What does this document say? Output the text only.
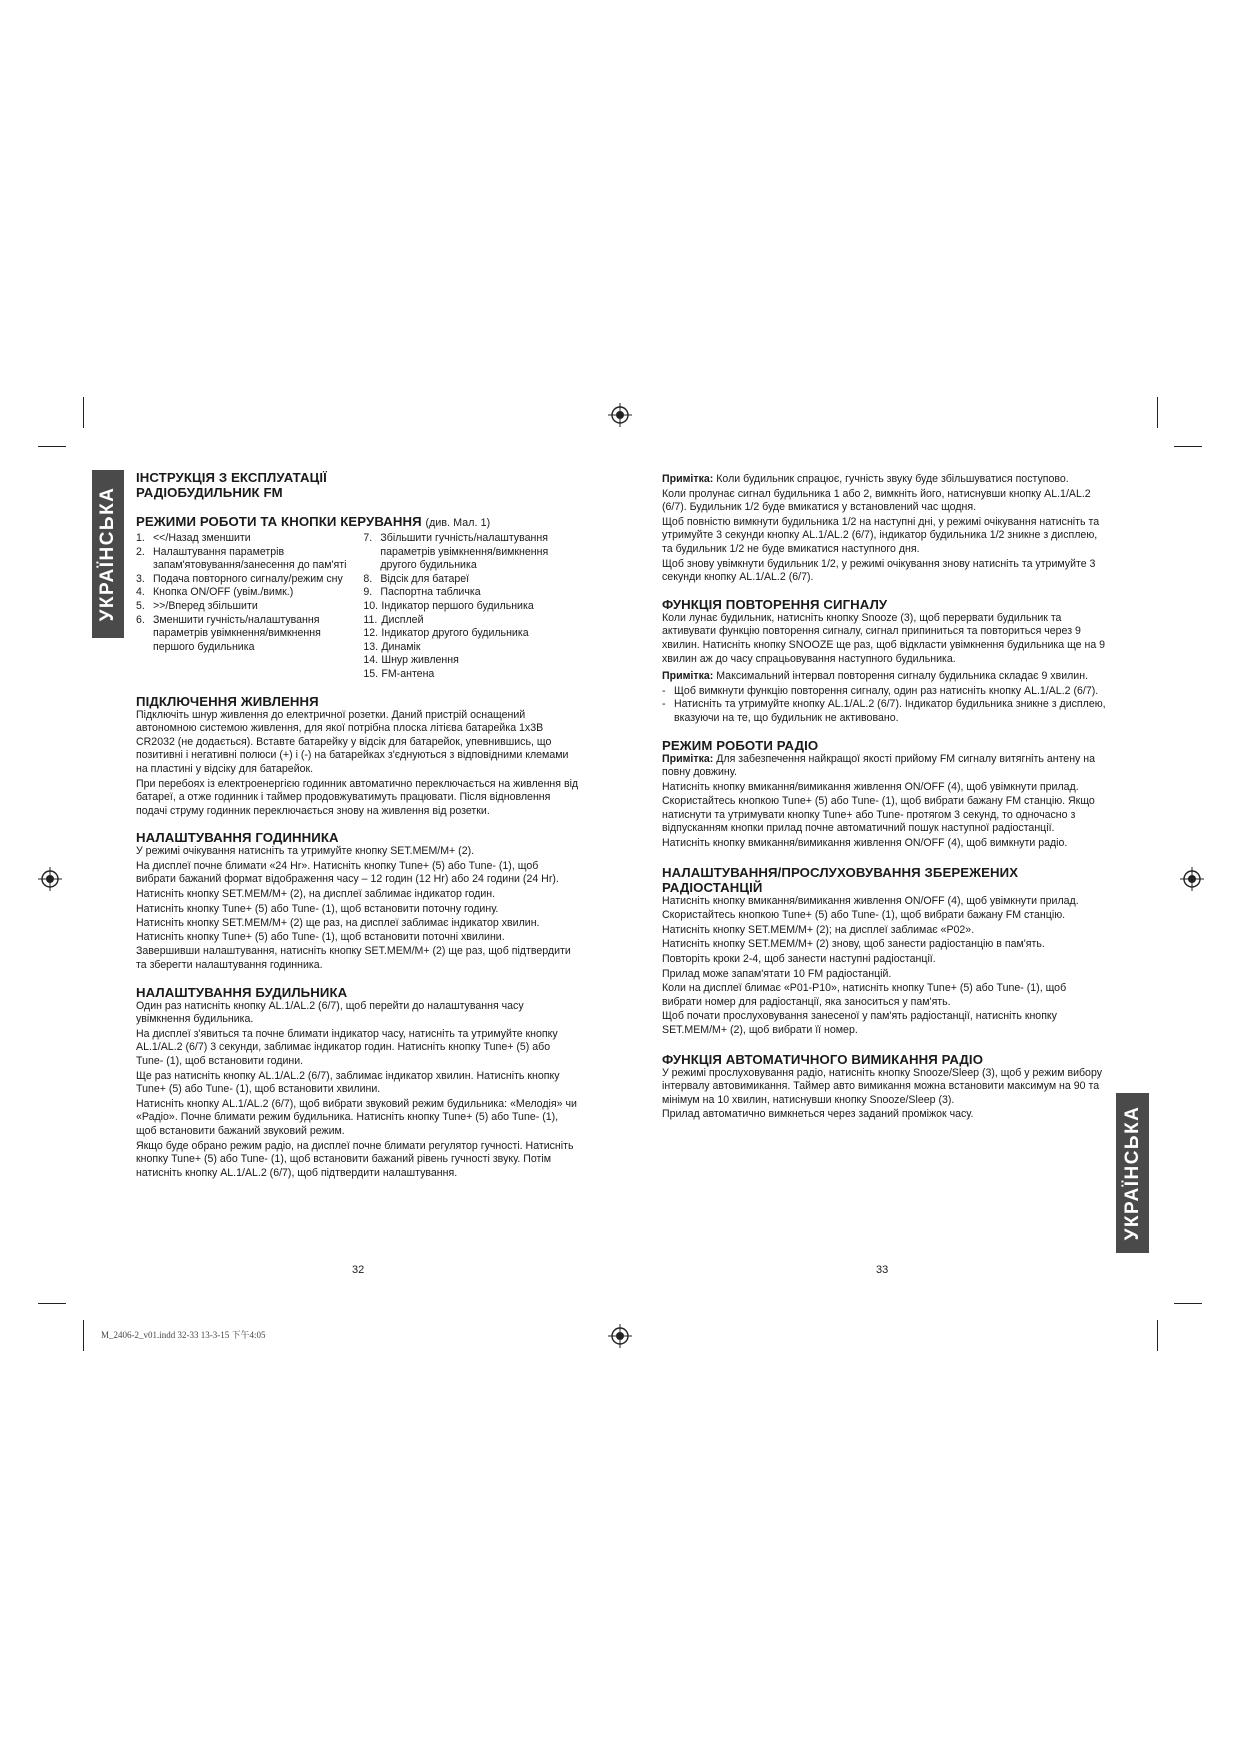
УКРАЇНСЬКА
УКРАЇНСЬКА
ІНСТРУКЦІЯ З ЕКСПЛУАТАЦІЇ
РАДІОБУДИЛЬНИК FM
РЕЖИМИ РОБОТИ ТА КНОПКИ КЕРУВАННЯ (див. Мал. 1)
1. <</Назад зменшити
2. Налаштування параметрів запам'ятовування/занесення до пам'яті
3. Подача повторного сигналу/режим сну
4. Кнопка ON/OFF (увім./вимк.)
5. >>/Вперед збільшити
6. Зменшити гучність/налаштування параметрів увімкнення/вимкнення першого будильника
7. Збільшити гучність/налаштування параметрів увімкнення/вимкнення другого будильника
8. Відсік для батареї
9. Паспортна табличка
10. Індикатор першого будильника
11. Дисплей
12. Індикатор другого будильника
13. Динамік
14. Шнур живлення
15. FM-антена
ПІДКЛЮЧЕННЯ ЖИВЛЕННЯ

Підключіть шнур живлення до електричної розетки. Даний пристрій оснащений автономною системою живлення, для якої потрібна плоска літієва батарейка 1х3В CR2032 (не додається). Вставте батарейку у відсік для батарейок, упевнившись, що позитивні і негативні полюси (+) і (-) на батарейках з'єднуються з відповідними клемами на пластині у відсіку для батарейок.

При перебоях із електроенергією годинник автоматично переключається на живлення від батареї, а отже годинник і таймер продовжуватимуть працювати. Після відновлення подачі струму годинник переключається знову на живлення від розетки.

НАЛАШТУВАННЯ ГОДИННИКА

У режимі очікування натисніть та утримуйте кнопку SET.MEM/M+ (2).

На дисплеї почне блимати «24 Hr». Натисніть кнопку Tune+ (5) або Tune- (1), щоб вибрати бажаний формат відображення часу – 12 годин (12 Hr) або 24 години (24 Hr).

Натисніть кнопку SET.MEM/M+ (2), на дисплеї заблимає індикатор годин.

Натисніть кнопку Tune+ (5) або Tune- (1), щоб встановити поточну годину.

Натисніть кнопку SET.MEM/M+ (2) ще раз, на дисплеї заблимає індикатор хвилин. Натисніть кнопку Tune+ (5) або Tune- (1), щоб встановити поточні хвилини.

Завершивши налаштування, натисніть кнопку SET.MEM/M+ (2) ще раз, щоб підтвердити та зберегти налаштування годинника.

НАЛАШТУВАННЯ БУДИЛЬНИКА

Один раз натисніть кнопку AL.1/AL.2 (6/7), щоб перейти до налаштування часу увімкнення будильника.

На дисплеї з'явиться та почне блимати індикатор часу, натисніть та утримуйте кнопку AL.1/AL.2 (6/7) 3 секунди, заблимає індикатор годин. Натисніть кнопку Tune+ (5) або Tune- (1), щоб встановити години.

Ще раз натисніть кнопку AL.1/AL.2 (6/7), заблимає індикатор хвилин. Натисніть кнопку Tune+ (5) або Tune- (1), щоб встановити хвилини.

Натисніть кнопку AL.1/AL.2 (6/7), щоб вибрати звуковий режим будильника: «Мелодія» чи «Радіо». Почне блимати режим будильника. Натисніть кнопку Tune+ (5) або Tune- (1), щоб встановити бажаний звуковий режим.

Якщо буде обрано режим радіо, на дисплеї почне блимати регулятор гучності. Натисніть кнопку Tune+ (5) або Tune- (1), щоб встановити бажаний рівень гучності звуку. Потім натисніть кнопку AL.1/AL.2 (6/7), щоб підтвердити налаштування.

Примітка: Коли будильник спрацює, гучність звуку буде збільшуватися поступово.

Коли пролунає сигнал будильника 1 або 2, вимкніть його, натиснувши кнопку AL.1/AL.2 (6/7). Будильник 1/2 буде вмикатися у встановлений час щодня.

Щоб повністю вимкнути будильника 1/2 на наступні дні, у режимі очікування натисніть та утримуйте 3 секунди кнопку AL.1/AL.2 (6/7), індикатор будильника 1/2 зникне з дисплею, та будильник 1/2 не буде вмикатися наступного дня.

Щоб знову увімкнути будильник 1/2, у режимі очікування знову натисніть та утримуйте 3 секунди кнопку AL.1/AL.2 (6/7).

ФУНКЦІЯ ПОВТОРЕННЯ СИГНАЛУ

Коли лунає будильник, натисніть кнопку Snooze (3), щоб перервати будильник та активувати функцію повторення сигналу, сигнал припиниться та повториться через 9 хвилин. Натисніть кнопку SNOOZE ще раз, щоб відкласти увімкнення будильника ще на 9 хвилин аж до часу спрацьовування наступного будильника.

Примітка: Максимальний інтервал повторення сигналу будильника складає 9 хвилин.

- Щоб вимкнути функцію повторення сигналу, один раз натисніть кнопку AL.1/AL.2 (6/7).
- Натисніть та утримуйте кнопку AL.1/AL.2 (6/7). Індикатор будильника зникне з дисплею, вказуючи на те, що будильник не активовано.
РЕЖИМ РОБОТИ РАДІО

Примітка: Для забезпечення найкращої якості прийому FM сигналу витягніть антену на повну довжину.

Натисніть кнопку вмикання/вимикання живлення ON/OFF (4), щоб увімкнути прилад.

Скористайтесь кнопкою Tune+ (5) або Tune- (1), щоб вибрати бажану FM станцію. Якщо натиснути та утримувати кнопку Tune+ або Tune- протягом 3 секунд, то одночасно з відпусканням кнопки прилад почне автоматичний пошук наступної радіостанції.

Натисніть кнопку вмикання/вимикання живлення ON/OFF (4), щоб вимкнути радіо.

НАЛАШТУВАННЯ/ПРОСЛУХОВУВАННЯ ЗБЕРЕЖЕНИХ
РАДІОСТАНЦІЙ

Натисніть кнопку вмикання/вимикання живлення ON/OFF (4), щоб увімкнути прилад.

Скористайтесь кнопкою Tune+ (5) або Tune- (1), щоб вибрати бажану FM станцію.

Натисніть кнопку SET.MEM/M+ (2); на дисплеї заблимає «P02».

Натисніть кнопку SET.MEM/M+ (2) знову, щоб занести радіостанцію в пам'ять.

Повторіть кроки 2-4, щоб занести наступні радіостанції.

Прилад може запам'ятати 10 FM радіостанцій.

Коли на дисплеї блимає «P01-P10», натисніть кнопку Tune+ (5) або Tune- (1), щоб вибрати номер для радіостанції, яка заноситься у пам'ять.

Щоб почати прослуховування занесеної у пам'ять радіостанції, натисніть кнопку SET.MEM/M+ (2), щоб вибрати її номер.

ФУНКЦІЯ АВТОМАТИЧНОГО ВИМИКАННЯ РАДІО

У режимі прослуховування радіо, натисніть кнопку Snooze/Sleep (3), щоб у режим вибору інтервалу автовимикання. Таймер авто вимикання можна встановити максимум на 90 та мінімум на 10 хвилин, натиснувши кнопку Snooze/Sleep (3).

Прилад автоматично вимкнеться через заданий проміжок часу.

32	33
M_2406-2_v01.indd 32-33 13-3-15 下午4:05
